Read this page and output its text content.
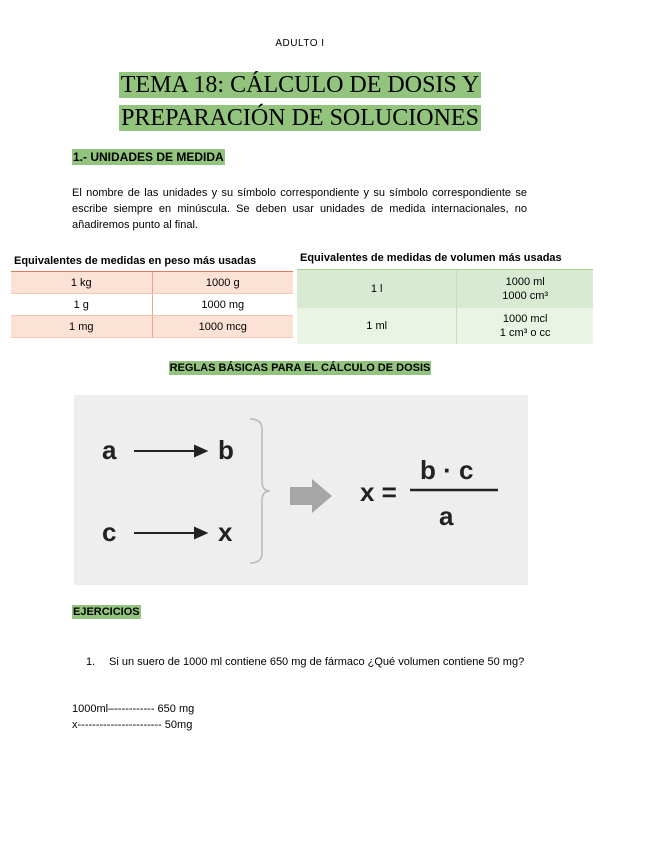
ADULTO I
TEMA 18: CÁLCULO DE DOSIS Y
PREPARACIÓN DE SOLUCIONES
1.- UNIDADES DE MEDIDA
El nombre de las unidades y su símbolo correspondiente y su símbolo correspondiente se escribe siempre en minúscula. Se deben usar unidades de medida internacionales, no añadiremos punto al final.
Equivalentes de medidas en peso más usadas	
1 kg	1000 g
1 g	1000 mg
1 mg	1000 mcg
Equivalentes de medidas de volumen más usadas	
1 l	1000 ml
1000 cm³

1 ml	1000 mcl
1 cm³ o cc
REGLAS BÁSICAS PARA EL CÁLCULO DE DOSIS
a	b
c	x
x =
b · c
a
EJERCICIOS
1. Si un suero de 1000 ml contiene 650 mg de fármaco ¿Qué volumen contiene 50 mg?
1000ml–----------- 650 mg
x----------------------- 50mg
